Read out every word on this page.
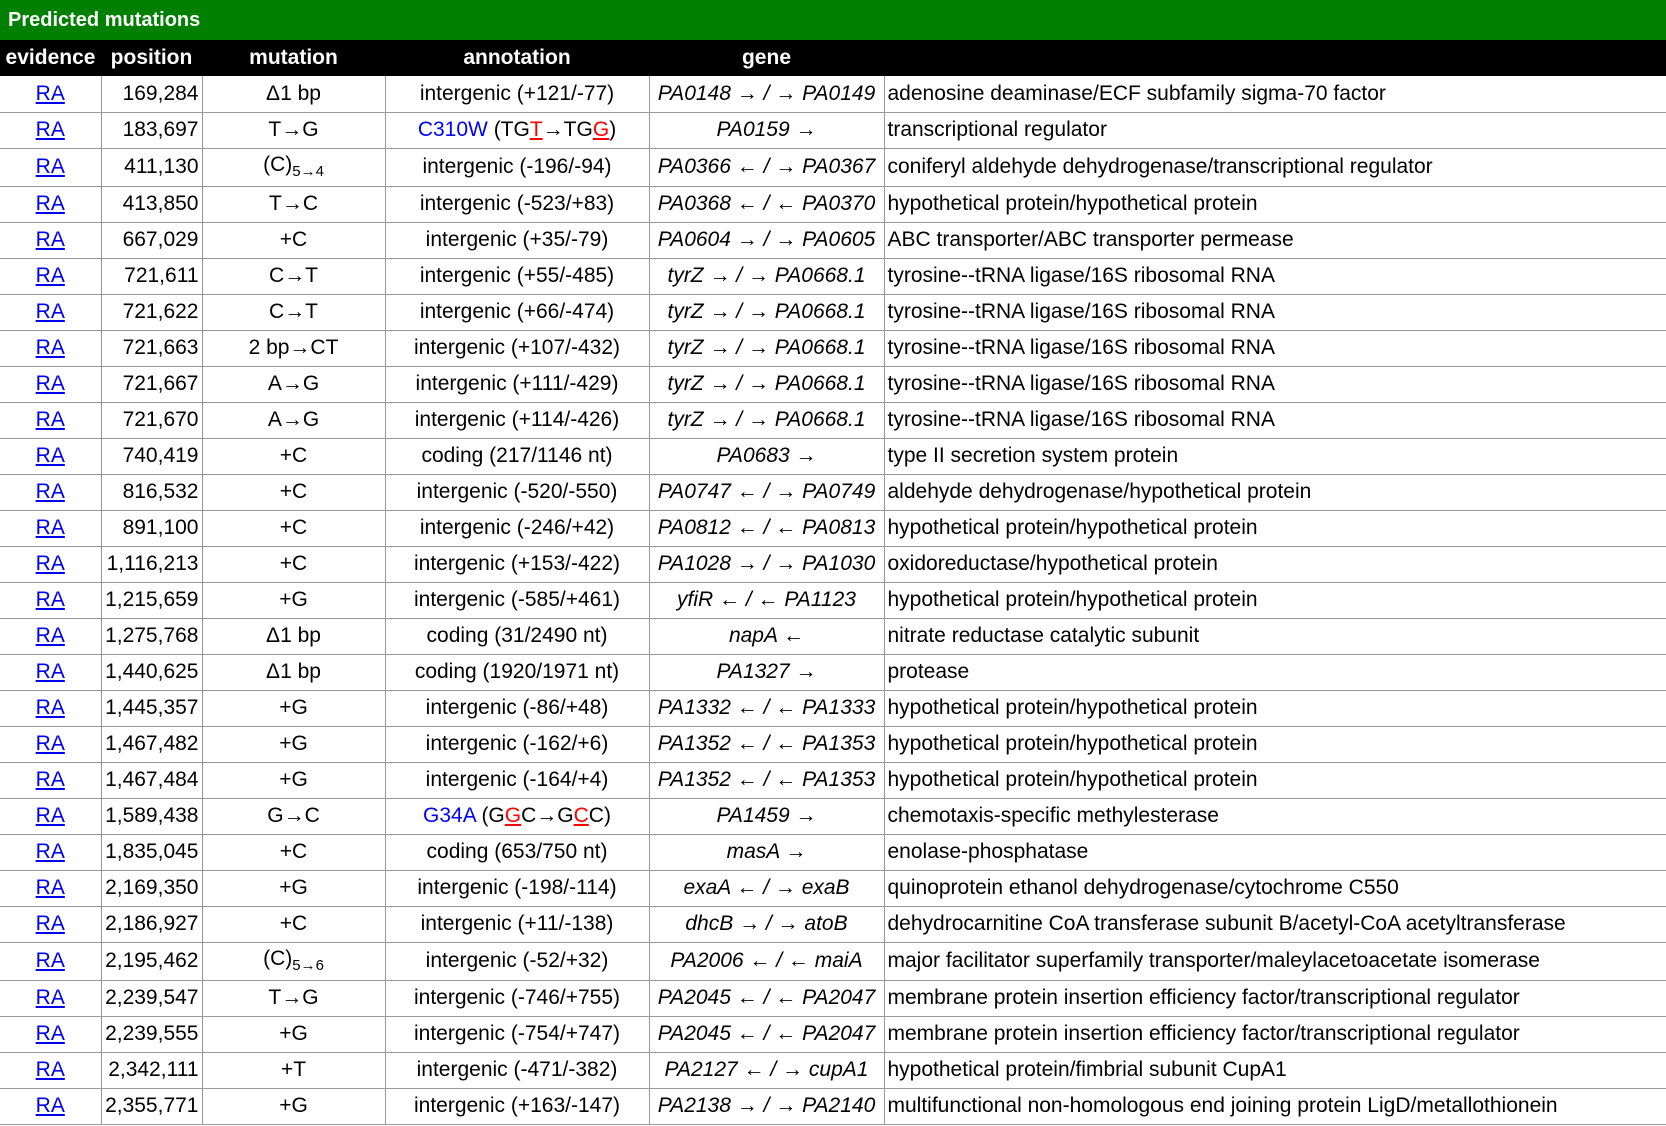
Predicted mutations
evidence	position	mutation	annotation	gene	
RA	169,284	Δ1 bp	intergenic (+121/-77)	PA0148 → / → PA0149	adenosine deaminase/ECF subfamily sigma-70 factor
RA	183,697	T→G	C310W (TGT→TGG)	PA0159 →	transcriptional regulator
RA	411,130	$(C)_{5\to 4}$	intergenic (-196/-94)	PA0366 ← / → PA0367	coniferyl aldehyde dehydrogenase/transcriptional regulator
RA	413,850	T→C	intergenic (-523/+83)	PA0368 ← / ← PA0370	hypothetical protein/hypothetical protein
RA	667,029	+C	intergenic (+35/-79)	PA0604 → / → PA0605	ABC transporter/ABC transporter permease
RA	721,611	C→T	intergenic (+55/-485)	tyrZ → / → PA0668.1	tyrosine--tRNA ligase/16S ribosomal RNA
RA	721,622	C→T	intergenic (+66/-474)	tyrZ → / → PA0668.1	tyrosine--tRNA ligase/16S ribosomal RNA
RA	721,663	2 bp→CT	intergenic (+107/-432)	tyrZ → / → PA0668.1	tyrosine--tRNA ligase/16S ribosomal RNA
RA	721,667	A→G	intergenic (+111/-429)	tyrZ → / → PA0668.1	tyrosine--tRNA ligase/16S ribosomal RNA
RA	721,670	A→G	intergenic (+114/-426)	tyrZ → / → PA0668.1	tyrosine--tRNA ligase/16S ribosomal RNA
RA	740,419	+C	coding (217/1146 nt)	PA0683 →	type II secretion system protein
RA	816,532	+C	intergenic (-520/-550)	PA0747 ← / → PA0749	aldehyde dehydrogenase/hypothetical protein
RA	891,100	+C	intergenic (-246/+42)	PA0812 ← / ← PA0813	hypothetical protein/hypothetical protein
RA	1,116,213	+C	intergenic (+153/-422)	PA1028 → / → PA1030	oxidoreductase/hypothetical protein
RA	1,215,659	+G	intergenic (-585/+461)	yfiR ← / ← PA1123	hypothetical protein/hypothetical protein
RA	1,275,768	Δ1 bp	coding (31/2490 nt)	napA ←	nitrate reductase catalytic subunit
RA	1,440,625	Δ1 bp	coding (1920/1971 nt)	PA1327 →	protease
RA	1,445,357	+G	intergenic (-86/+48)	PA1332 ← / ← PA1333	hypothetical protein/hypothetical protein
RA	1,467,482	+G	intergenic (-162/+6)	PA1352 ← / ← PA1353	hypothetical protein/hypothetical protein
RA	1,467,484	+G	intergenic (-164/+4)	PA1352 ← / ← PA1353	hypothetical protein/hypothetical protein
RA	1,589,438	G→C	G34A (GGC→GCC)	PA1459 →	chemotaxis-specific methylesterase
RA	1,835,045	+C	coding (653/750 nt)	masA →	enolase-phosphatase
RA	2,169,350	+G	intergenic (-198/-114)	exaA ← / → exaB	quinoprotein ethanol dehydrogenase/cytochrome C550
RA	2,186,927	+C	intergenic (+11/-138)	dhcB → / → atoB	dehydrocarnitine CoA transferase subunit B/acetyl-CoA acetyltransferase
RA	2,195,462	$(C)_{5\to 6}$	intergenic (-52/+32)	PA2006 ← / ← maiA	major facilitator superfamily transporter/maleylacetoacetate isomerase
RA	2,239,547	T→G	intergenic (-746/+755)	PA2045 ← / ← PA2047	membrane protein insertion efficiency factor/transcriptional regulator
RA	2,239,555	+G	intergenic (-754/+747)	PA2045 ← / ← PA2047	membrane protein insertion efficiency factor/transcriptional regulator
RA	2,342,111	+T	intergenic (-471/-382)	PA2127 ← / → cupA1	hypothetical protein/fimbrial subunit CupA1
RA	2,355,771	+G	intergenic (+163/-147)	PA2138 → / → PA2140	multifunctional non-homologous end joining protein LigD/metallothionein
